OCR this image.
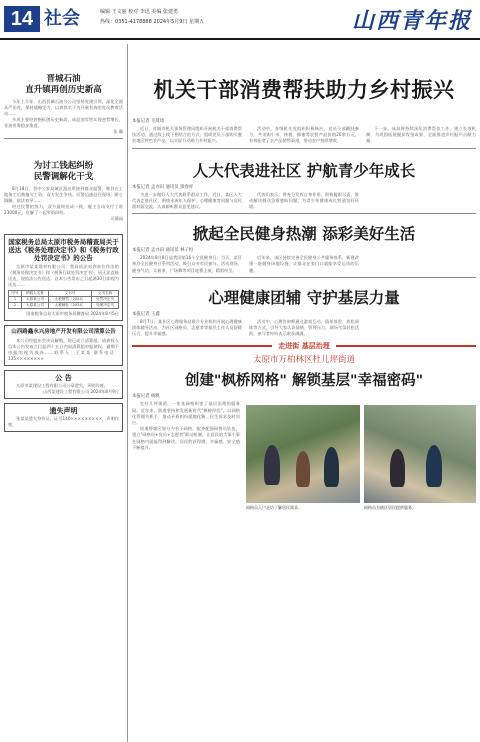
14 社会	编辑 王文丽 校对 李迅 美编 张建勇
热线：0351-4178888 2024年5月9日 星期五	山西青年报
晋城石油
直升镇再创历史新高

今年上半年，山西晋城石油分公司坚持党建引领，深化全面从严治党，保持战略定力，以真抓实干为开展有效的党员教育活动……

多项主要经营指标创历史新高，成品油零售实现逆势增长，非油业务稳步推进。

张 璐
为讨工钱起纠纷
民警调解化干戈

8月18日，晋中公安局城区派出所接到群众报警，称其在工地务工后被拖欠工资，双方发生争执。民警迅速赶往现场，耐心调解，依法劝导……

经过民警的努力，双方最终达成一致，雇主当场支付工资23000元，化解了一起劳资纠纷。

司静园
国家税务总局太原市税务局稽查局关于送达《税务处理决定书》和《税务行政处罚决定书》的公告

太原市某某建材有限公司：我局依法对你单位作出的《税务处理决定书》和《税务行政处罚决定书》，因无法直接送达，现依法公告送达。自本公告发布之日起满30日即视为送达……

序号	纳税人名称	文书号	文书名称
1	太原某公司	太税稽罚〔2024〕	处罚决定书
2	太原某公司	太税稽处〔2024〕	处理决定书
国家税务总局太原市税务局稽查局 2024年8月5日
山西路鑫永兴房地产开发有限公司清算公告

本公司经股东会决议解散，现已成立清算组，请债权人自本公告发布之日起四十五日内向清算组申报债权，逾期不申报的视为放弃……联系人：王某某 联系电话：135××××××××

公 告

太原市某建设工程有限公司公章遗失，声明作废。

山西某建设工程有限公司 2024年8月9日
遗失声明

张某某遗失身份证，证号140×××××××××，声明作废。

机关干部消费帮扶助力乡村振兴
本报记者 毛琦琦

近日，晋城市机关事务管理局组织开展机关干部消费帮扶活动，通过线上线下相结合的方式，组织党员干部购买脱贫地区特色农产品，以实际行动助力乡村振兴。

活动中，各级机关党组织积极响应，党员干部踊跃参与，共采购小米、核桃、蜂蜜等农特产品价值20余万元，有效拓宽了农产品销售渠道，带动农户持续增收。

下一步，该局将持续深化消费帮扶工作，建立长效机制，为巩固拓展脱贫攻坚成果、全面推进乡村振兴贡献力量。

人大代表进社区 护航青少年成长
本报记者 孟亦田 通讯员 梁春祥

为进一步做好人大代表联系群众工作，近日，某区人大代表走进社区，围绕未成年人保护、心理健康等问题与居民面对面交流，认真倾听群众意见建议。

代表们表示，将充分发挥自身作用，积极履职尽责，推动解决群众急难愁盼问题，为青少年健康成长营造良好环境。

掀起全民健身热潮 添彩美好生活
本报记者 孟亦田 通讯员 林子恒

2024年8月8日是我国第16个全民健身日。当天，某区举办全民健身日系列活动，吸引众多市民参与。活动现场，健身气功、太极拳、广场舞等项目轮番上演，精彩纷呈。

近年来，该区持续完善全民健身公共服务体系，新建改建一批健身场地设施，让群众在家门口就能享受运动的乐趣。

心理健康团辅 守护基层力量
本报记者 王鑫

8月7日，某社区心理服务站联合专业机构开展心理健康团体辅导活动，为社区网格员、志愿者等基层工作人员舒缓压力、提升幸福感。

活动中，心理咨询师通过游戏互动、情景体验、放松训练等方式，引导大家认识情绪、管理压力，现场气氛轻松活跃，参与者纷纷表示收获满满。

走进街 基层治理
太原市万柏林区杜儿坪街道
创建"枫桥网格" 解锁基层"幸福密码"
本报记者 杨帆

在杜儿坪街道，一张张网格织密了基层治理的服务网。近年来，街道坚持和发展新时代"枫桥经验"，以网格化管理为抓手，推动矛盾纠纷就地化解、民生诉求及时回应。

街道将辖区划分为若干网格，配齐配强网格员队伍，建立"网格员+党员+志愿者"联动机制，让居民的大事小事在网格内就能得到解决，居民的获得感、幸福感、安全感不断提升。

网格员入户走访了解居民需求。	网格员为辖区居民提供服务。
